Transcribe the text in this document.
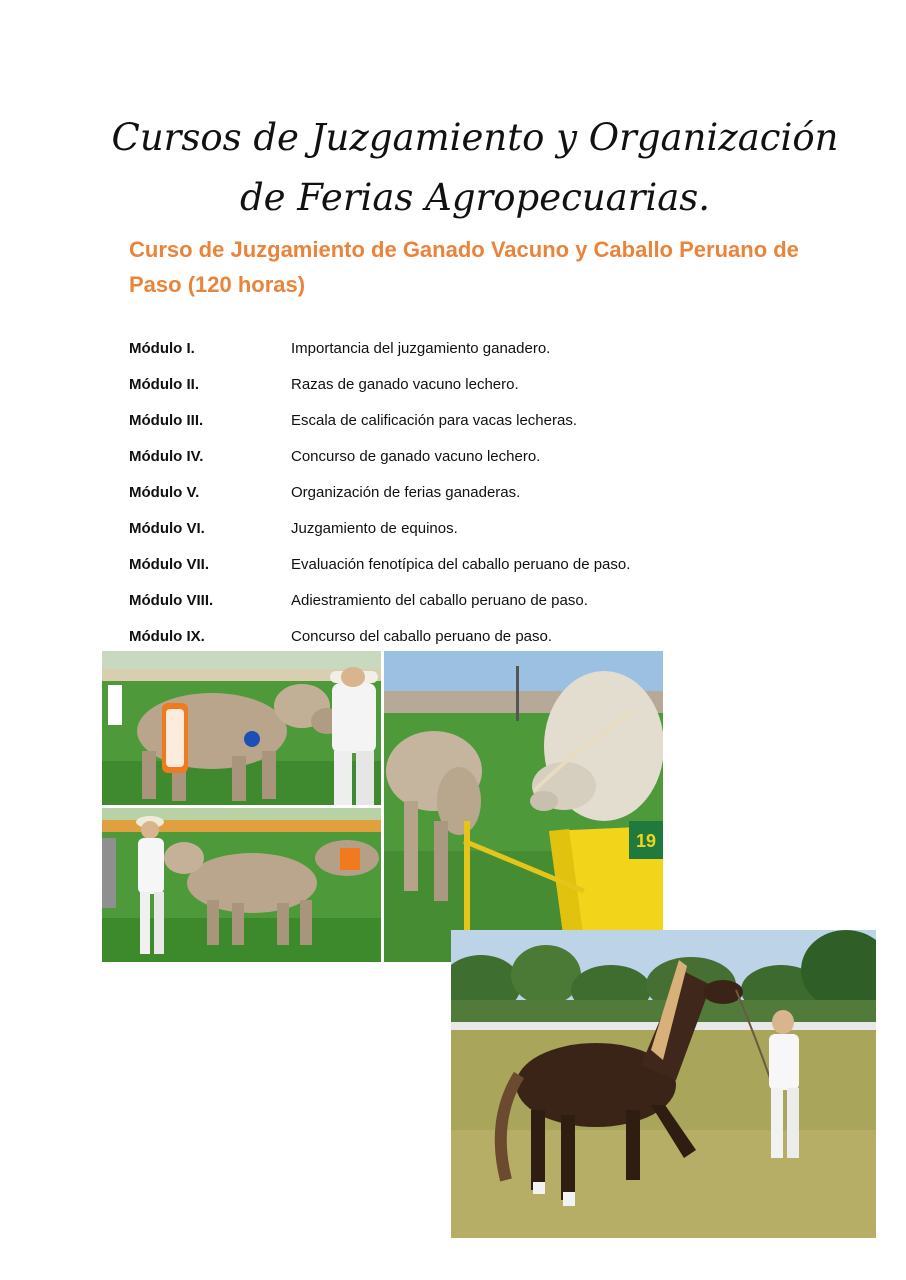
Cursos de Juzgamiento y Organización de Ferias Agropecuarias.
Curso de Juzgamiento de Ganado Vacuno y Caballo Peruano de Paso (120 horas)
Módulo I.	Importancia del juzgamiento ganadero.
Módulo II.	Razas de ganado vacuno lechero.
Módulo III.	Escala de calificación para vacas lecheras.
Módulo IV.	Concurso de ganado vacuno lechero.
Módulo V.	Organización de ferias ganaderas.
Módulo VI.	Juzgamiento de equinos.
Módulo VII.	Evaluación fenotípica del caballo peruano de paso.
Módulo VIII.	Adiestramiento del caballo peruano de paso.
Módulo IX.	Concurso del caballo peruano de paso.
19
